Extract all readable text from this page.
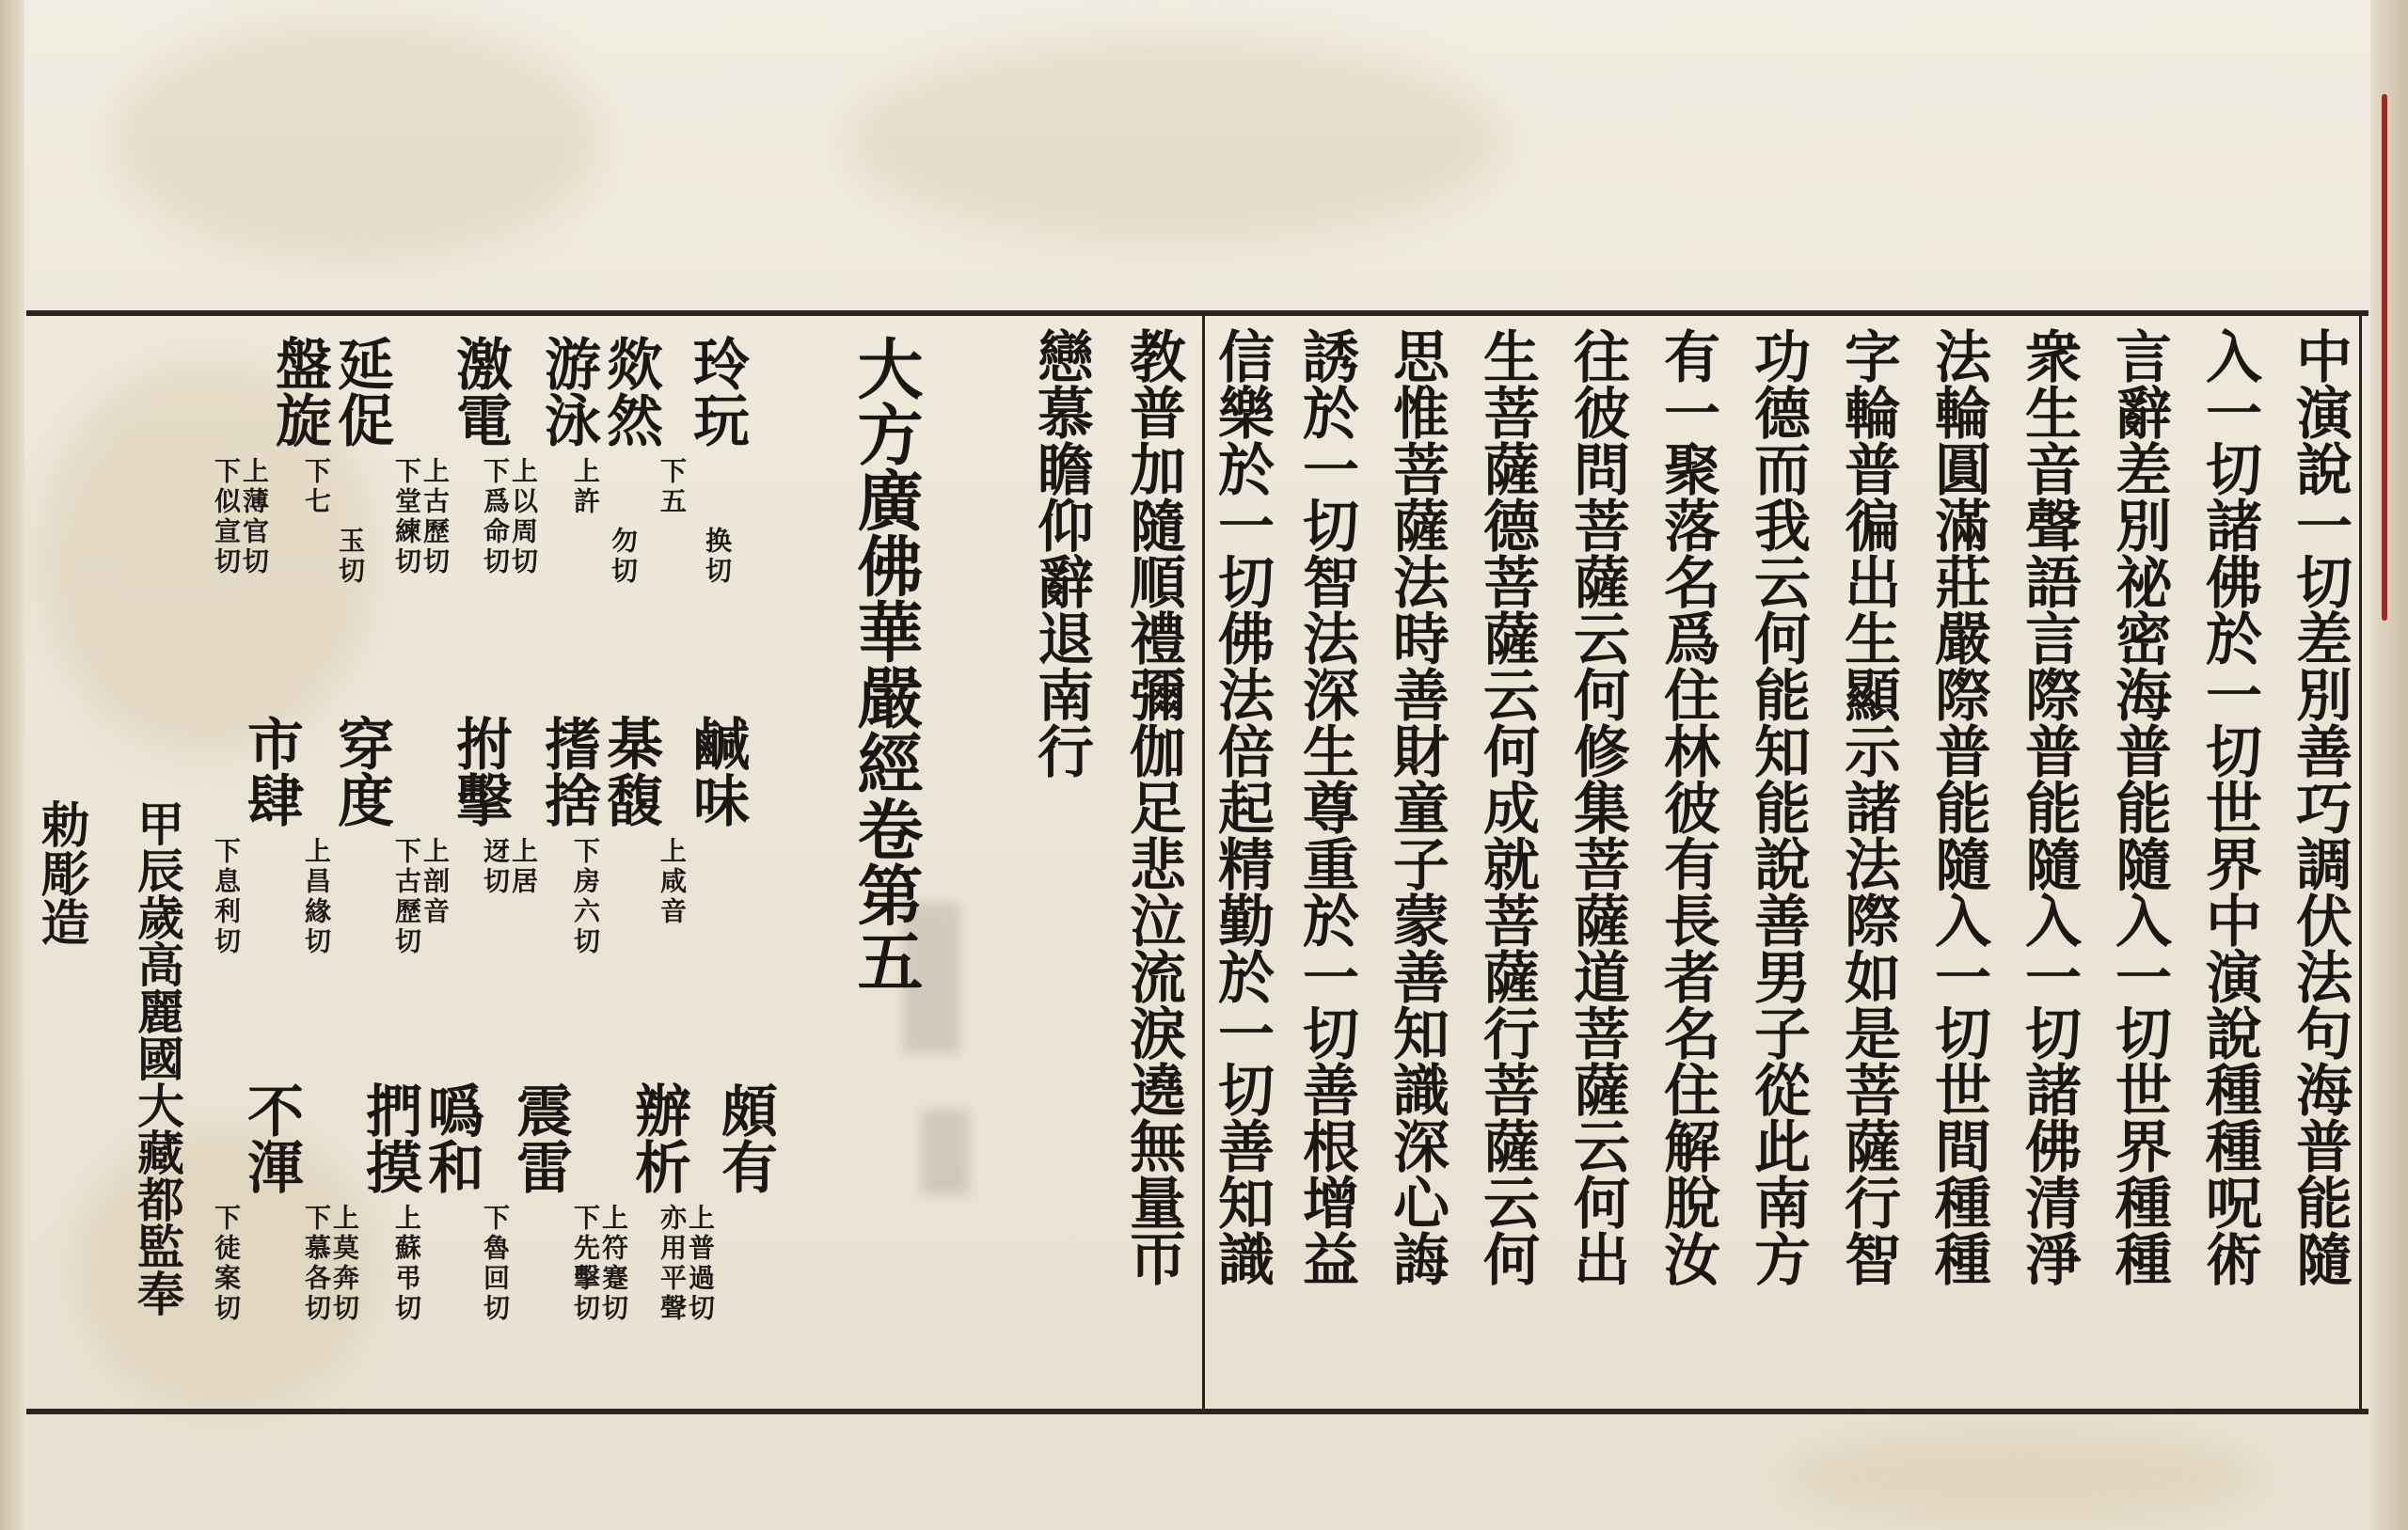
中演說一切差別善巧調伏法句海普能隨
入一切諸佛於一切世界中演說種種呪術
言辭差別祕密海普能隨入一切世界種種
衆生音聲語言際普能隨入一切諸佛清淨
法輪圓滿莊嚴際普能隨入一切世間種種
字輪普徧出生顯示諸法際如是菩薩行智
功德而我云何能知能說善男子從此南方
有一聚落名爲住林彼有長者名住解脫汝
往彼問菩薩云何修集菩薩道菩薩云何出
生菩薩德菩薩云何成就菩薩行菩薩云何
思惟菩薩法時善財童子蒙善知識深心誨
誘於一切智法深生尊重於一切善根增益
信樂於一切佛法倍起精勤於一切善知識
教普加隨順禮彌伽足悲泣流淚遶無量帀
戀慕瞻仰辭退南行
大方廣佛華嚴經卷第五
玲玩
下五
换切
欻然
上許
勿切
游泳
上以周切
下爲命切
激電
上古歷切
下堂練切
延促
下七
玉切
盤旋
上薄官切
下似宣切
鹹味
上咸音
棊馥
下房六切
搘捨
上居
迓切
拊擊
上剖音
下古歷切
穿度
上昌緣切
市肆
下息利切
頗有
上普過切
亦用平聲
辦析
上符蹇切
下先擊切
震雷
下魯回切
噅和
上蘇弔切
捫摸
上莫奔切
下慕各切
不渾
下徒案切
甲辰歲高麗國大藏都監奉
勅彫造
